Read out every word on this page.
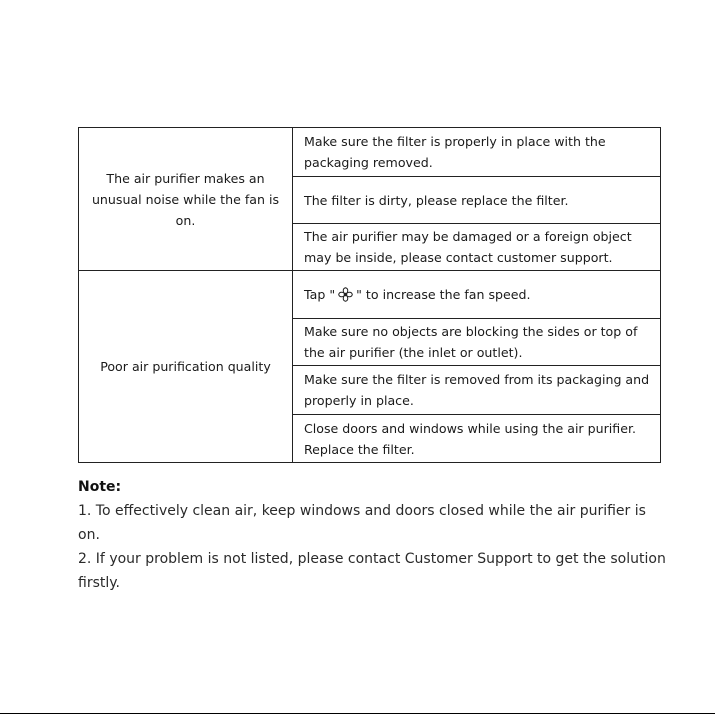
The air purifier makes an unusual noise while the fan is on.	Make sure the filter is properly in place with the packaging removed.
	The filter is dirty, please replace the filter.
	The air purifier may be damaged or a foreign object may be inside, please contact customer support.
Poor air purification quality	Tap " " to increase the fan speed.
	Make sure no objects are blocking the sides or top of the air purifier (the inlet or outlet).
	Make sure the filter is removed from its packaging and properly in place.
	Close doors and windows while using the air purifier. Replace the filter.

Note:

1. To effectively clean air, keep windows and doors closed while the air purifier is on.

2. If your problem is not listed, please contact Customer Support to get the solution firstly.
